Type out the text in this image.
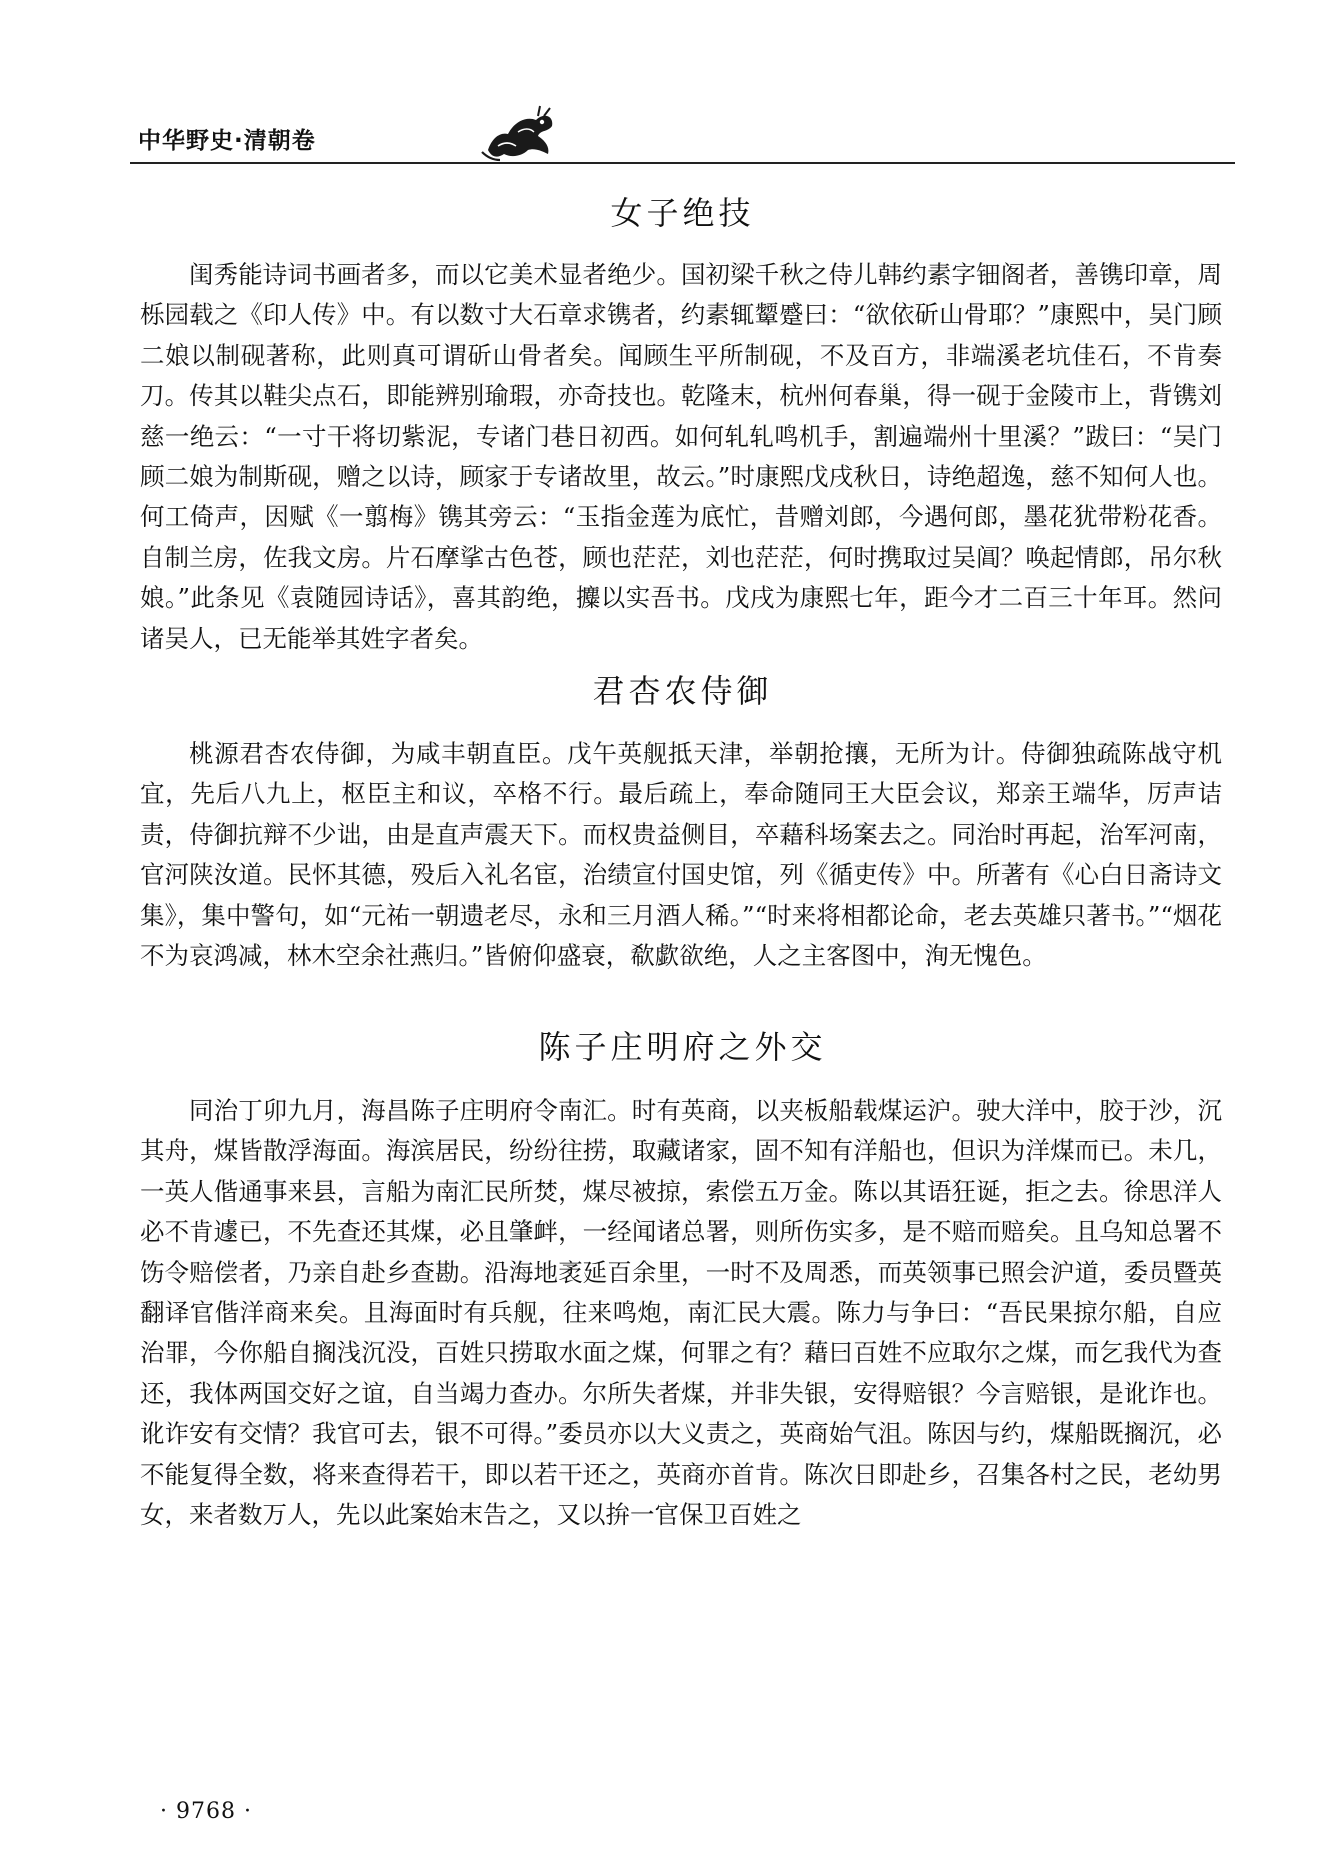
中华野史·清朝卷
女子绝技

闺秀能诗词书画者多，而以它美术显者绝少。国初梁千秋之侍儿韩约素字钿阁者，善镌印章，周栎园载之《印人传》中。有以数寸大石章求镌者，约素辄颦蹙曰：“欲依斫山骨耶？”康熙中，吴门顾二娘以制砚著称，此则真可谓斫山骨者矣。闻顾生平所制砚，不及百方，非端溪老坑佳石，不肯奏刀。传其以鞋尖点石，即能辨别瑜瑕，亦奇技也。乾隆末，杭州何春巢，得一砚于金陵市上，背镌刘慈一绝云：“一寸干将切紫泥，专诸门巷日初西。如何轧轧鸣机手，割遍端州十里溪？”跋曰：“吴门顾二娘为制斯砚，赠之以诗，顾家于专诸故里，故云。”时康熙戊戌秋日，诗绝超逸，慈不知何人也。何工倚声，因赋《一翦梅》镌其旁云：“玉指金莲为底忙，昔赠刘郎，今遇何郎，墨花犹带粉花香。自制兰房，佐我文房。片石摩挲古色苍，顾也茫茫，刘也茫茫，何时携取过吴阊？唤起情郎，吊尔秋娘。”此条见《袁随园诗话》，喜其韵绝，攗以实吾书。戊戌为康熙七年，距今才二百三十年耳。然问诸吴人，已无能举其姓字者矣。

君杏农侍御

桃源君杏农侍御，为咸丰朝直臣。戊午英舰抵天津，举朝抢攘，无所为计。侍御独疏陈战守机宜，先后八九上，枢臣主和议，卒格不行。最后疏上，奉命随同王大臣会议，郑亲王端华，厉声诘责，侍御抗辩不少诎，由是直声震天下。而权贵益侧目，卒藉科场案去之。同治时再起，治军河南，官河陕汝道。民怀其德，殁后入礼名宦，治绩宣付国史馆，列《循吏传》中。所著有《心白日斋诗文集》，集中警句，如“元祐一朝遗老尽，永和三月酒人稀。”“时来将相都论命，老去英雄只著书。”“烟花不为哀鸿减，林木空余社燕归。”皆俯仰盛衰，欷歔欲绝，人之主客图中，洵无愧色。

陈子庄明府之外交

同治丁卯九月，海昌陈子庄明府令南汇。时有英商，以夹板船载煤运沪。驶大洋中，胶于沙，沉其舟，煤皆散浮海面。海滨居民，纷纷往捞，取藏诸家，固不知有洋船也，但识为洋煤而已。未几，一英人偕通事来县，言船为南汇民所焚，煤尽被掠，索偿五万金。陈以其语狂诞，拒之去。徐思洋人必不肯遽已，不先查还其煤，必且肇衅，一经闻诸总署，则所伤实多，是不赔而赔矣。且乌知总署不饬令赔偿者，乃亲自赴乡查勘。沿海地袤延百余里，一时不及周悉，而英领事已照会沪道，委员暨英翻译官偕洋商来矣。且海面时有兵舰，往来鸣炮，南汇民大震。陈力与争曰：“吾民果掠尔船，自应治罪，今你船自搁浅沉没，百姓只捞取水面之煤，何罪之有？藉曰百姓不应取尔之煤，而乞我代为查还，我体两国交好之谊，自当竭力查办。尔所失者煤，并非失银，安得赔银？今言赔银，是讹诈也。讹诈安有交情？我官可去，银不可得。”委员亦以大义责之，英商始气沮。陈因与约，煤船既搁沉，必不能复得全数，将来查得若干，即以若干还之，英商亦首肯。陈次日即赴乡，召集各村之民，老幼男女，来者数万人，先以此案始末告之，又以拚一官保卫百姓之

· 9768 ·
